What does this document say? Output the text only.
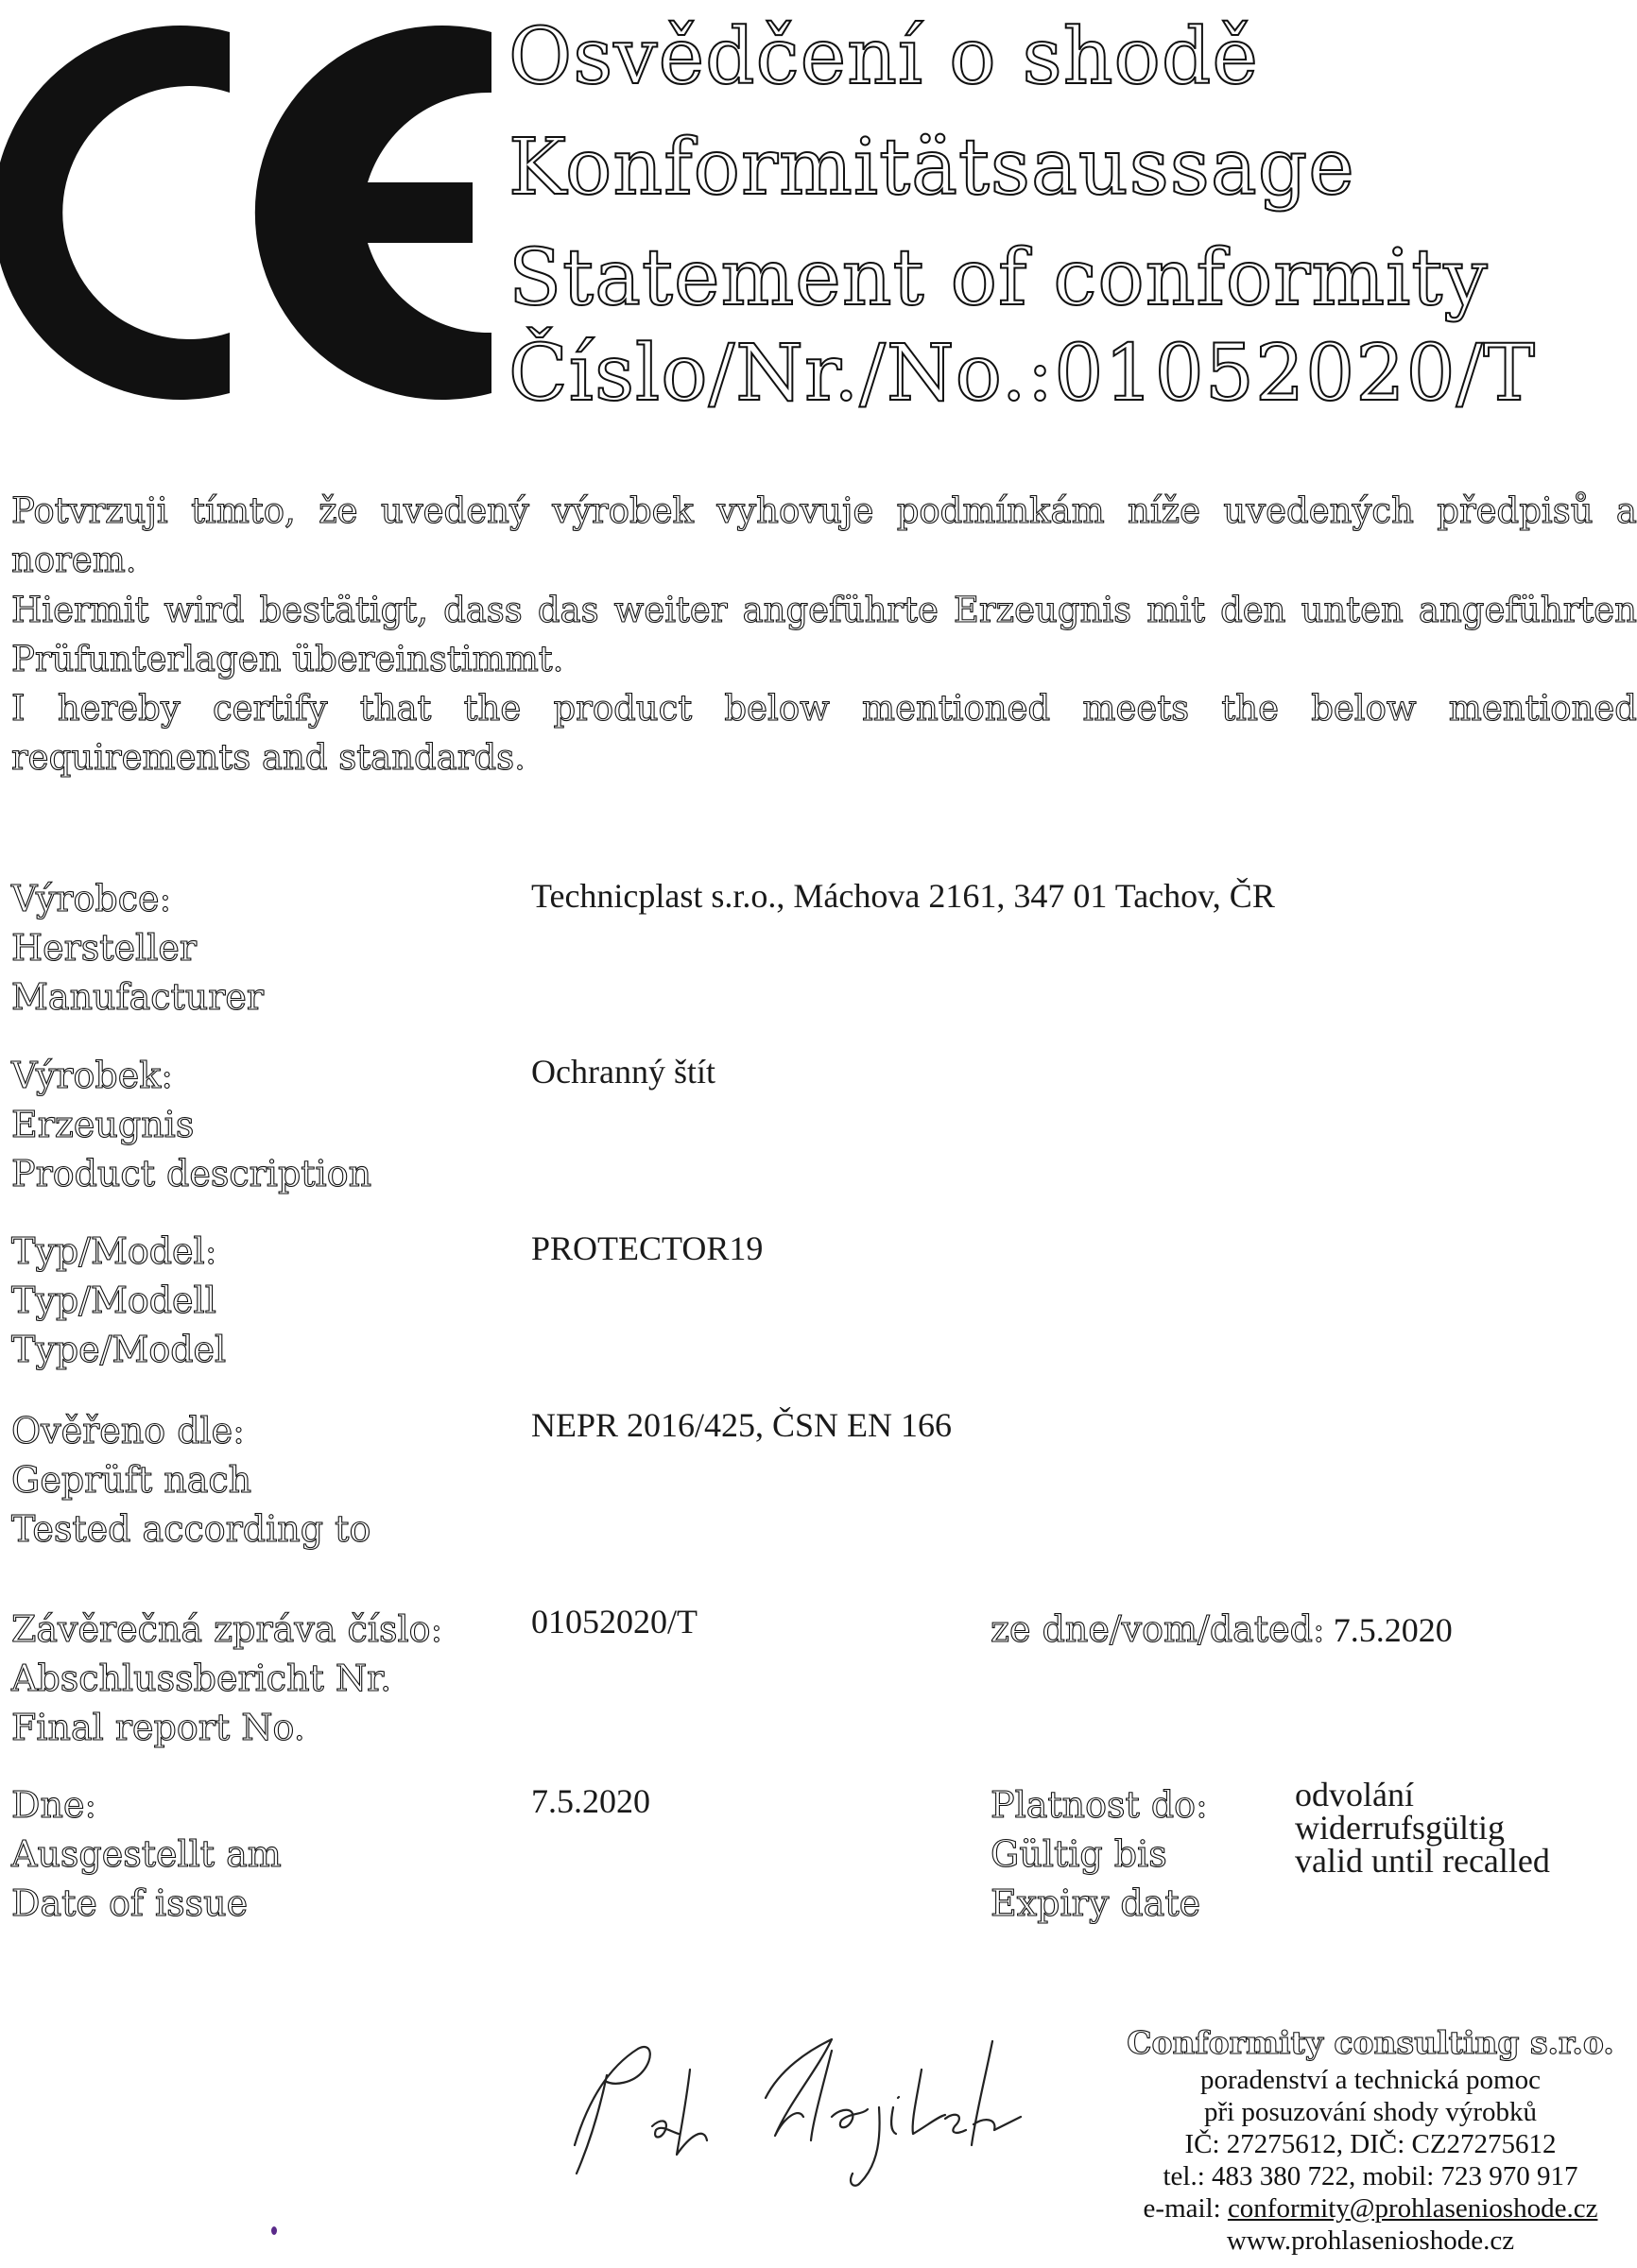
Osvědčení o shodě
Konformitätsaussage
Statement of conformity
Číslo/Nr./No.:01052020/T
Potvrzuji tímto, že uvedený výrobek vyhovuje podmínkám níže uvedených předpisů a norem.
Hiermit wird bestätigt, dass das weiter angeführte Erzeugnis mit den unten angeführten Prüfunterlagen übereinstimmt.
I hereby certify that the product below mentioned meets the below mentioned requirements and standards.
Výrobce:
Hersteller
Manufacturer
Technicplast s.r.o., Máchova 2161, 347 01 Tachov, ČR
Výrobek:
Erzeugnis
Product description
Ochranný štít
Typ/Model:
Typ/Modell
Type/Model
PROTECTOR19
Ověřeno dle:
Geprüft nach
Tested according to
NEPR 2016/425, ČSN EN 166
Závěrečná zpráva číslo:
Abschlussbericht Nr.
Final report No.
01052020/T	ze dne/vom/dated: 7.5.2020
Dne:
Ausgestellt am
Date of issue
7.5.2020	Platnost do:
Gültig bis
Expiry date
odvolání
widerrufsgültig
valid until recalled
Conformity consulting s.r.o.
poradenství a technická pomoc
při posuzování shody výrobků
IČ: 27275612, DIČ: CZ27275612
tel.: 483 380 722, mobil: 723 970 917
e-mail: conformity@prohlasenioshode.cz
www.prohlasenioshode.cz
